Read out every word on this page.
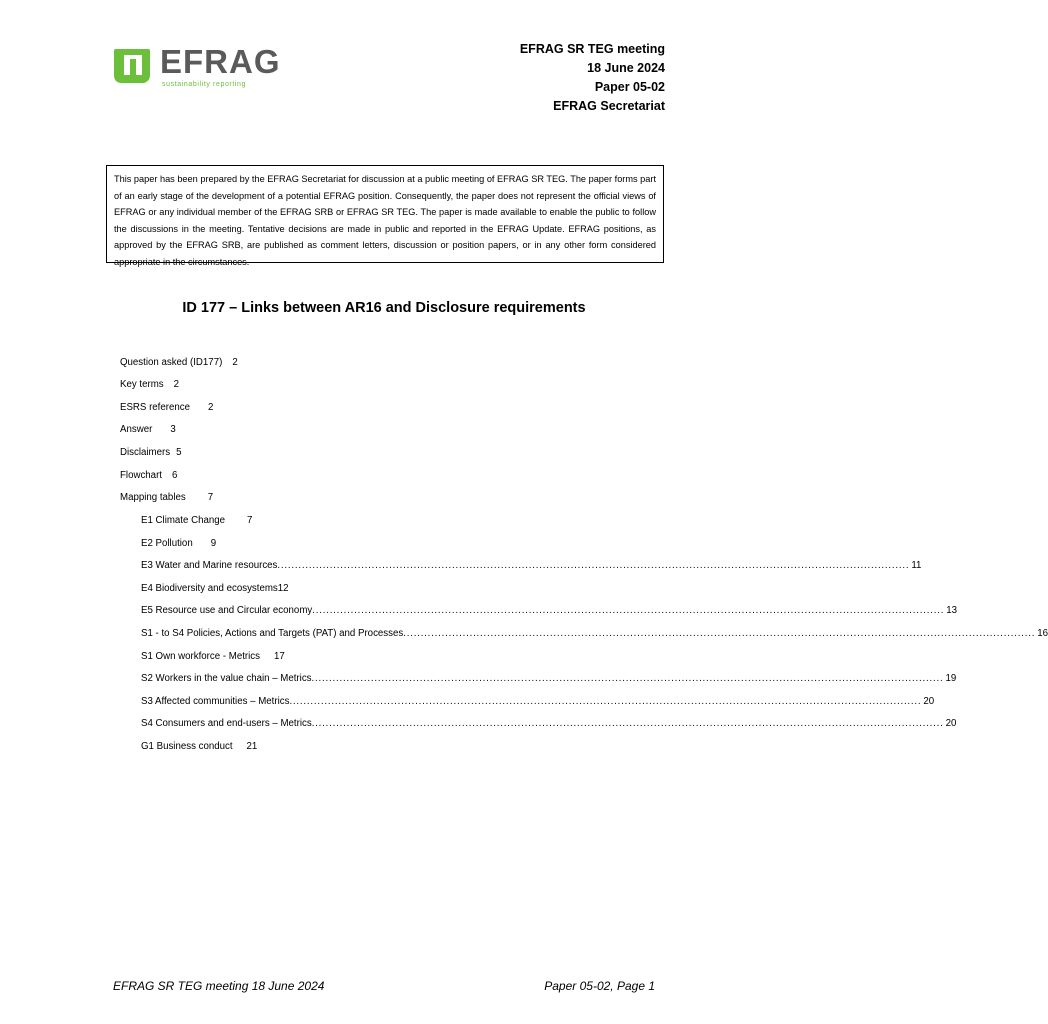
EFRAG
sustainability reporting
EFRAG SR TEG meeting
18 June 2024
Paper 05-02
EFRAG Secretariat
This paper has been prepared by the EFRAG Secretariat for discussion at a public meeting of EFRAG SR TEG. The paper forms part of an early stage of the development of a potential EFRAG position. Consequently, the paper does not represent the official views of EFRAG or any individual member of the EFRAG SRB or EFRAG SR TEG. The paper is made available to enable the public to follow the discussions in the meeting. Tentative decisions are made in public and reported in the EFRAG Update. EFRAG positions, as approved by the EFRAG SRB, are published as comment letters, discussion or position papers, or in any other form considered appropriate in the circumstances.
ID 177 – Links between AR16 and Disclosure requirements
Question asked (ID177) 2
Key terms 2
ESRS reference 2
Answer 3
Disclaimers 5
Flowchart 6
Mapping tables 7
E1 Climate Change 7
E2 Pollution 9
E3 Water and Marine resources ..................................................................................................................................................................................... 11
E4 Biodiversity and ecosystems12
E5 Resource use and Circular economy ..................................................................................................................................................................................... 13
S1 - to S4 Policies, Actions and Targets (PAT) and Processes ..................................................................................................................................................................................... 16
S1 Own workforce - Metrics 17
S2 Workers in the value chain – Metrics ..................................................................................................................................................................................... 19
S3 Affected communities – Metrics ..................................................................................................................................................................................... 20
S4 Consumers and end-users – Metrics ..................................................................................................................................................................................... 20
G1 Business conduct 21
EFRAG SR TEG meeting 18 June 2024	Paper 05-02, Page 1
